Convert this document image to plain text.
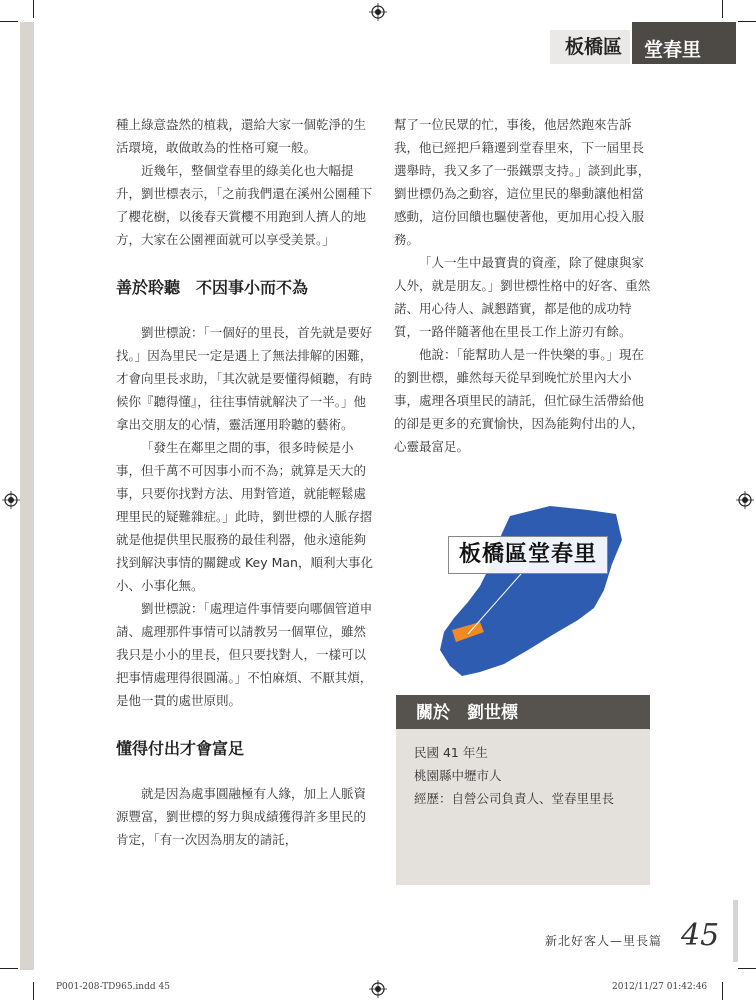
板橋區	堂春里

種上綠意盎然的植栽，還給大家一個乾淨的生活環境，敢做敢為的性格可窺一般。

近幾年，整個堂春里的綠美化也大幅提升，劉世標表示，「之前我們還在溪州公園種下了櫻花樹，以後春天賞櫻不用跑到人擠人的地方，大家在公園裡面就可以享受美景。」

善於聆聽　不因事小而不為

劉世標說：「一個好的里長，首先就是要好找。」因為里民一定是遇上了無法排解的困難，才會向里長求助，「其次就是要懂得傾聽，有時候你『聽得懂』，往往事情就解決了一半。」他拿出交朋友的心情，靈活運用聆聽的藝術。

「發生在鄰里之間的事，很多時候是小事，但千萬不可因事小而不為；就算是天大的事，只要你找對方法、用對管道，就能輕鬆處理里民的疑難雜症。」此時，劉世標的人脈存摺就是他提供里民服務的最佳利器，他永遠能夠找到解決事情的關鍵或 Key Man，順利大事化小、小事化無。

劉世標說：「處理這件事情要向哪個管道申請、處理那件事情可以請教另一個單位，雖然我只是小小的里長，但只要找對人，一樣可以把事情處理得很圓滿。」不怕麻煩、不厭其煩，是他一貫的處世原則。

懂得付出才會富足

就是因為處事圓融極有人緣，加上人脈資源豐富，劉世標的努力與成績獲得許多里民的肯定，「有一次因為朋友的請託，

幫了一位民眾的忙，事後，他居然跑來告訴我，他已經把戶籍遷到堂春里來，下一屆里長選舉時，我又多了一張鐵票支持。」談到此事，劉世標仍為之動容，這位里民的舉動讓他相當感動，這份回饋也驅使著他，更加用心投入服務。

「人一生中最寶貴的資產，除了健康與家人外，就是朋友。」劉世標性格中的好客、重然諾、用心待人、誠懇踏實，都是他的成功特質，一路伴隨著他在里長工作上游刃有餘。

他說：「能幫助人是一件快樂的事。」現在的劉世標，雖然每天從早到晚忙於里內大小事，處理各項里民的請託，但忙碌生活帶給他的卻是更多的充實愉快，因為能夠付出的人，心靈最富足。

板橋區堂春里
關於　劉世標
民國 41 年生
桃園縣中壢市人
經歷：自營公司負責人、堂春里里長
新北好客人—里長篇 45
P001-208-TD965.indd 45	2012/11/27 01:42:46
